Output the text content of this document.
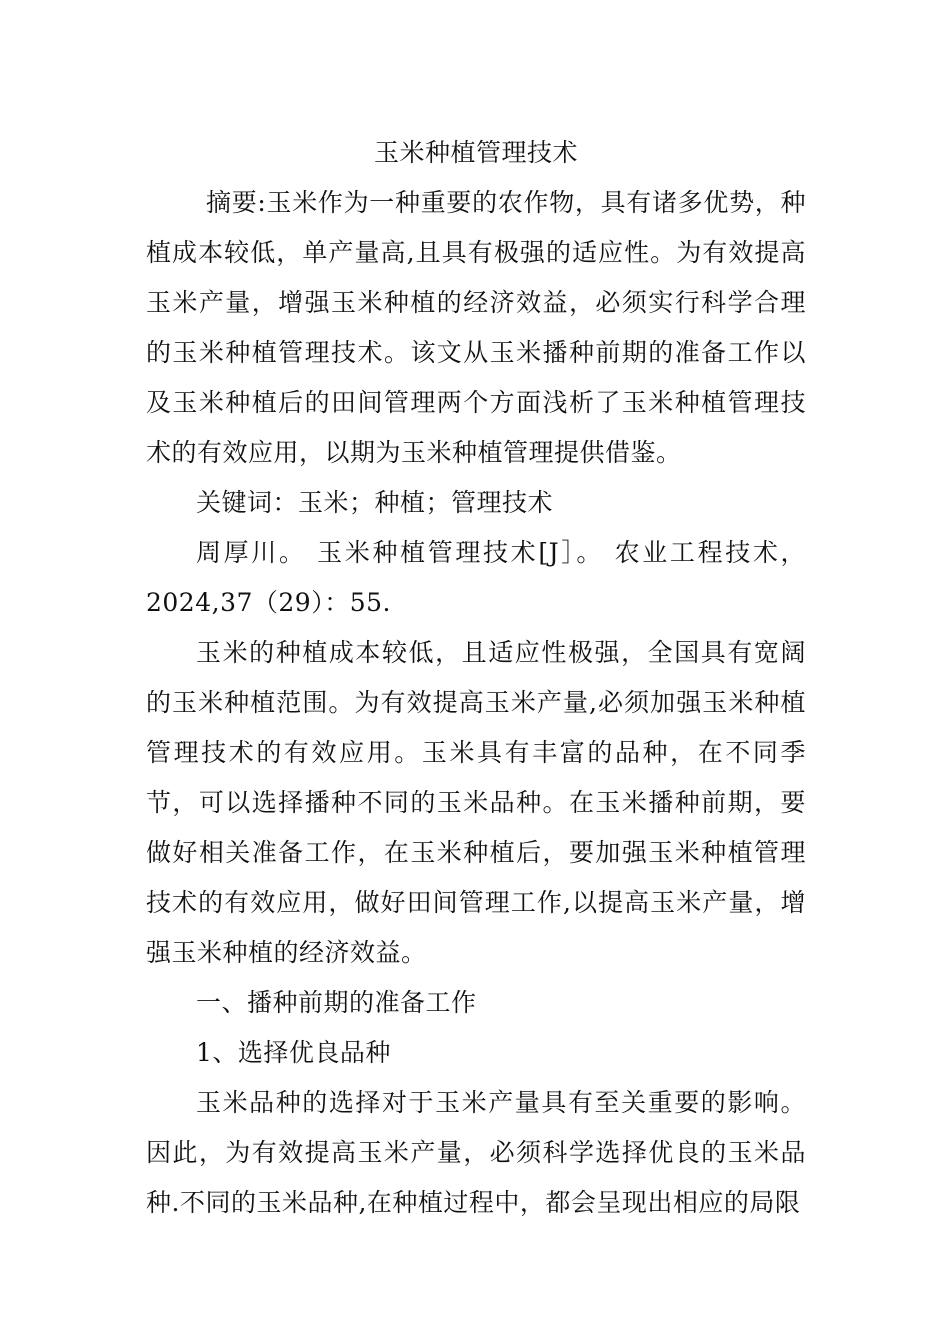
玉米种植管理技术

摘要:玉米作为一种重要的农作物，具有诸多优势，种植成本较低，单产量高,且具有极强的适应性。为有效提高玉米产量，增强玉米种植的经济效益，必须实行科学合理的玉米种植管理技术。该文从玉米播种前期的准备工作以及玉米种植后的田间管理两个方面浅析了玉米种植管理技术的有效应用，以期为玉米种植管理提供借鉴。

关键词：玉米；种植；管理技术

周厚川。 玉米种植管理技术[J］。 农业工程技术，2024,37（29）：55.

玉米的种植成本较低，且适应性极强，全国具有宽阔的玉米种植范围。为有效提高玉米产量,必须加强玉米种植管理技术的有效应用。玉米具有丰富的品种，在不同季节，可以选择播种不同的玉米品种。在玉米播种前期，要做好相关准备工作，在玉米种植后，要加强玉米种植管理技术的有效应用，做好田间管理工作,以提高玉米产量，增强玉米种植的经济效益。

一、播种前期的准备工作

1、选择优良品种

玉米品种的选择对于玉米产量具有至关重要的影响。因此，为有效提高玉米产量，必须科学选择优良的玉米品种.不同的玉米品种,在种植过程中，都会呈现出相应的局限
